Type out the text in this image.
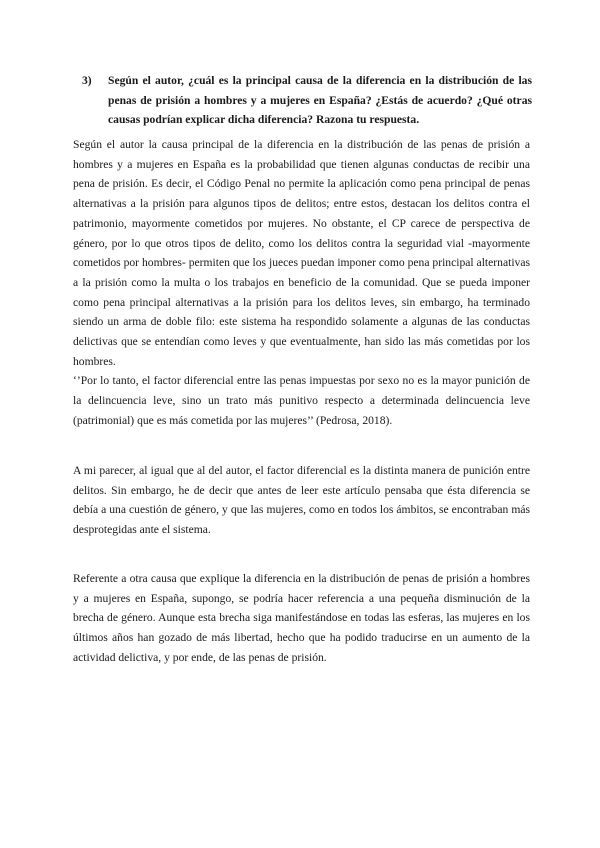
3) Según el autor, ¿cuál es la principal causa de la diferencia en la distribución de las penas de prisión a hombres y a mujeres en España? ¿Estás de acuerdo? ¿Qué otras causas podrían explicar dicha diferencia? Razona tu respuesta.

Según el autor la causa principal de la diferencia en la distribución de las penas de prisión a hombres y a mujeres en España es la probabilidad que tienen algunas conductas de recibir una pena de prisión. Es decir, el Código Penal no permite la aplicación como pena principal de penas alternativas a la prisión para algunos tipos de delitos; entre estos, destacan los delitos contra el patrimonio, mayormente cometidos por mujeres. No obstante, el CP carece de perspectiva de género, por lo que otros tipos de delito, como los delitos contra la seguridad vial -mayormente cometidos por hombres- permiten que los jueces puedan imponer como pena principal alternativas a la prisión como la multa o los trabajos en beneficio de la comunidad. Que se pueda imponer como pena principal alternativas a la prisión para los delitos leves, sin embargo, ha terminado siendo un arma de doble filo: este sistema ha respondido solamente a algunas de las conductas delictivas que se entendían como leves y que eventualmente, han sido las más cometidas por los hombres.

‘’Por lo tanto, el factor diferencial entre las penas impuestas por sexo no es la mayor punición de la delincuencia leve, sino un trato más punitivo respecto a determinada delincuencia leve (patrimonial) que es más cometida por las mujeres’’ (Pedrosa, 2018).

A mi parecer, al igual que al del autor, el factor diferencial es la distinta manera de punición entre delitos. Sin embargo, he de decir que antes de leer este artículo pensaba que ésta diferencia se debía a una cuestión de género, y que las mujeres, como en todos los ámbitos, se encontraban más desprotegidas ante el sistema.

Referente a otra causa que explique la diferencia en la distribución de penas de prisión a hombres y a mujeres en España, supongo, se podría hacer referencia a una pequeña disminución de la brecha de género. Aunque esta brecha siga manifestándose en todas las esferas, las mujeres en los últimos años han gozado de más libertad, hecho que ha podido traducirse en un aumento de la actividad delictiva, y por ende, de las penas de prisión.
